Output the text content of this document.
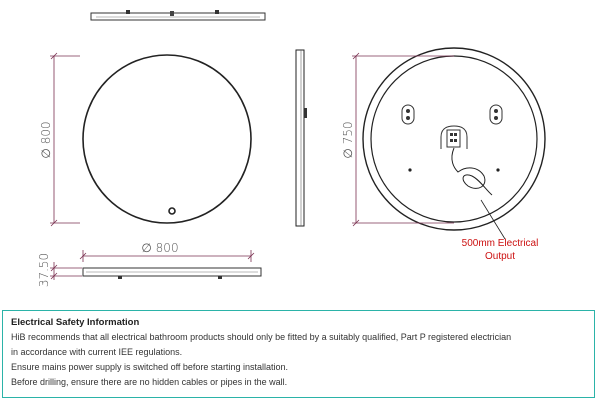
∅ 800	∅ 750
500mm Electrical
Output
∅ 800
37.50
Electrical Safety Information
HiB recommends that all electrical bathroom products should only be fitted by a suitably qualified, Part P registered electrician
in accordance with current IEE regulations.
Ensure mains power supply is switched off before starting installation.
Before drilling, ensure there are no hidden cables or pipes in the wall.
